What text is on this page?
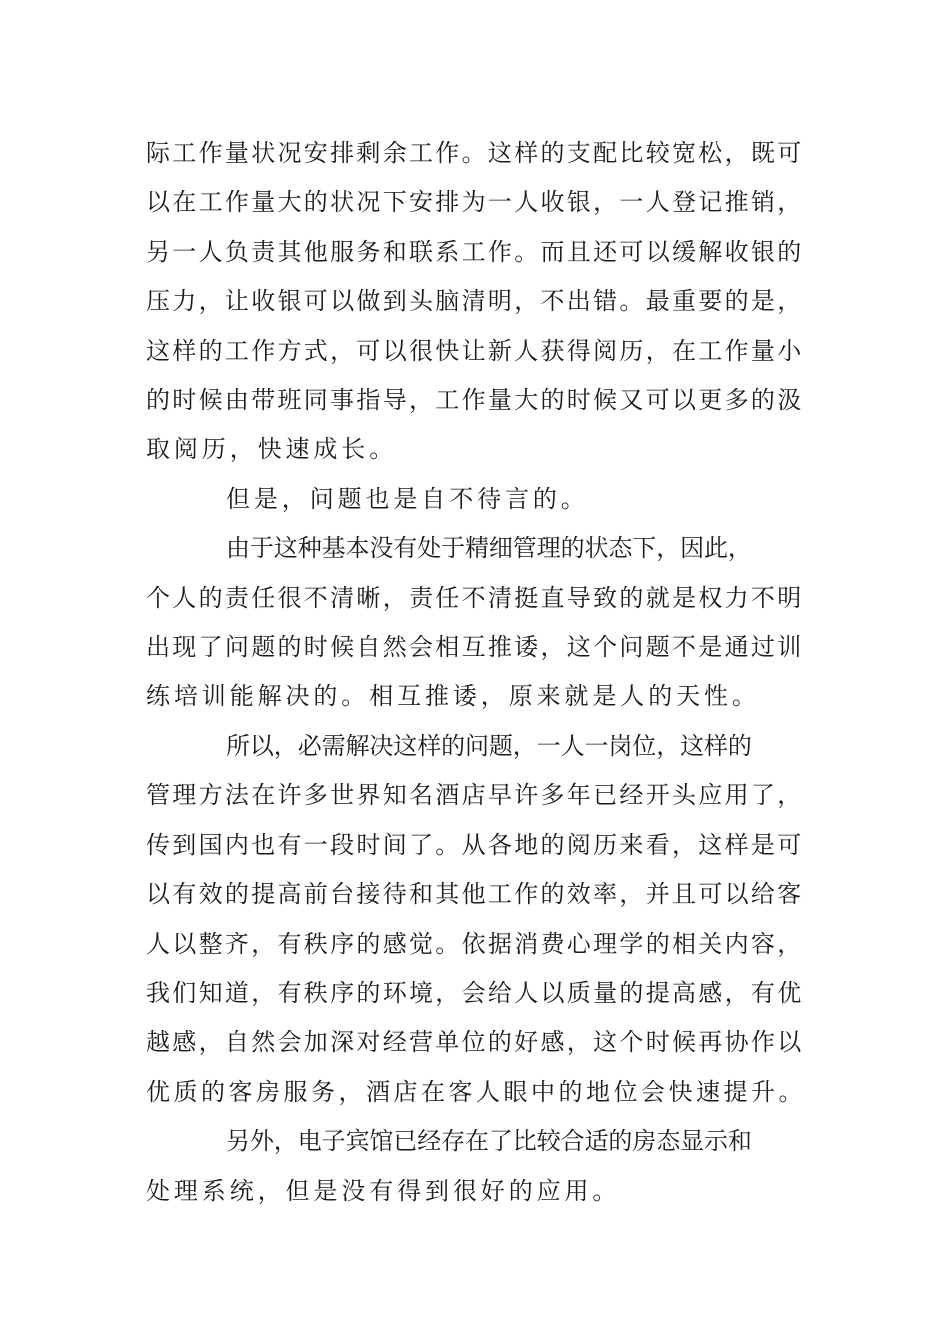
际工作量状况安排剩余工作。这样的支配比较宽松，既可
以在工作量大的状况下安排为一人收银，一人登记推销，
另一人负责其他服务和联系工作。而且还可以缓解收银的
压力，让收银可以做到头脑清明，不出错。最重要的是，
这样的工作方式，可以很快让新人获得阅历，在工作量小
的时候由带班同事指导，工作量大的时候又可以更多的汲
取阅历，快速成长。

但是，问题也是自不待言的。

由于这种基本没有处于精细管理的状态下，因此，
个人的责任很不清晰，责任不清挺直导致的就是权力不明
出现了问题的时候自然会相互推诿，这个问题不是通过训
练培训能解决的。相互推诿，原来就是人的天性。

所以，必需解决这样的问题，一人一岗位，这样的
管理方法在许多世界知名酒店早许多年已经开头应用了，
传到国内也有一段时间了。从各地的阅历来看，这样是可
以有效的提高前台接待和其他工作的效率，并且可以给客
人以整齐，有秩序的感觉。依据消费心理学的相关内容，
我们知道，有秩序的环境，会给人以质量的提高感，有优
越感，自然会加深对经营单位的好感，这个时候再协作以
优质的客房服务，酒店在客人眼中的地位会快速提升。

另外，电子宾馆已经存在了比较合适的房态显示和
处理系统，但是没有得到很好的应用。
